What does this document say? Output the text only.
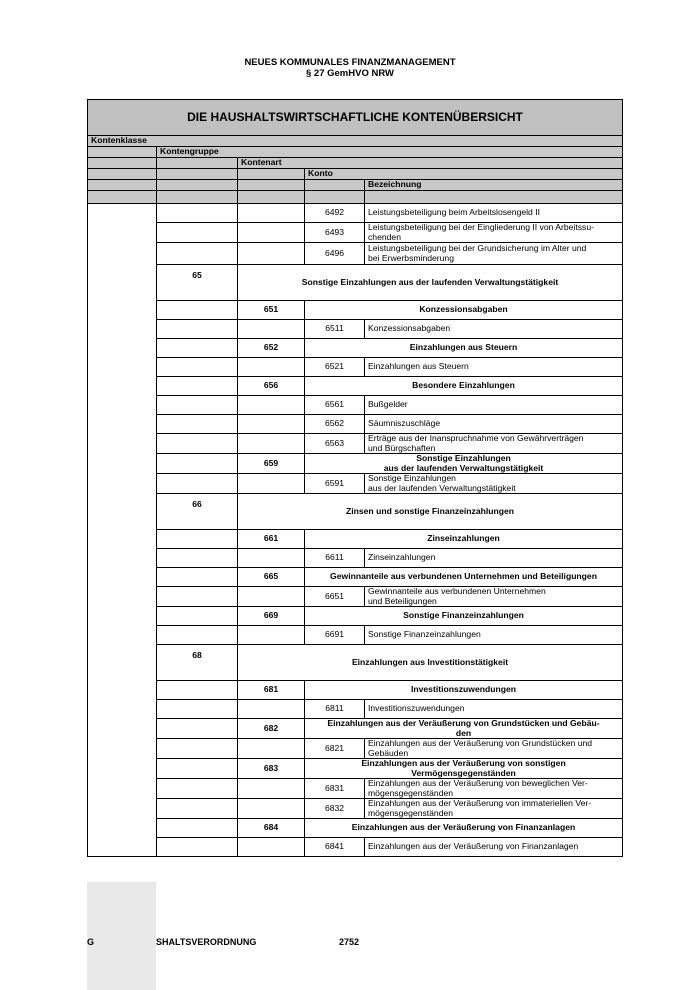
NEUES KOMMUNALES FINANZMANAGEMENT
§ 27 GemHVO NRW
DIE HAUSHALTSWIRTSCHAFTLICHE KONTENÜBERSICHT				
Kontenklasse				
	Kontengruppe			
		Kontenart		
			Konto	
				Bezeichnung

			6492	Leistungsbeteiligung beim Arbeitslosengeld II
			6493	Leistungsbeteiligung bei der Eingliederung II von Arbeitssu-
chenden
			6496	Leistungsbeteiligung bei der Grundsicherung im Alter und
bei Erwerbsminderung
	65	Sonstige Einzahlungen aus der laufenden Verwaltungstätigkeit		
		651	Konzessionsabgaben	
			6511	Konzessionsabgaben
		652	Einzahlungen aus Steuern	
			6521	Einzahlungen aus Steuern
		656	Besondere Einzahlungen	
			6561	Bußgelder
			6562	Säumniszuschläge
			6563	Erträge aus der Inanspruchnahme von Gewährverträgen
und Bürgschaften
		659	Sonstige Einzahlungen
aus der laufenden Verwaltungstätigkeit	
			6591	Sonstige Einzahlungen
aus der laufenden Verwaltungstätigkeit
	66	Zinsen und sonstige Finanzeinzahlungen		
		661	Zinseinzahlungen	
			6611	Zinseinzahlungen
		665	Gewinnanteile aus verbundenen Unternehmen und Beteiligungen	
			6651	Gewinnanteile aus verbundenen Unternehmen
und Beteiligungen
		669	Sonstige Finanzeinzahlungen	
			6691	Sonstige Finanzeinzahlungen
	68	Einzahlungen aus Investitionstätigkeit		
		681	Investitionszuwendungen	
			6811	Investitionszuwendungen
		682	Einzahlungen aus der Veräußerung von Grundstücken und Gebäu-
den	
			6821	Einzahlungen aus der Veräußerung von Grundstücken und
Gebäuden
		683	Einzahlungen aus der Veräußerung von sonstigen
Vermögensgegenständen	
			6831	Einzahlungen aus der Veräußerung von beweglichen Ver-
mögensgegenständen
			6832	Einzahlungen aus der Veräußerung von immateriellen Ver-
mögensgegenständen
		684	Einzahlungen aus der Veräußerung von Finanzanlagen	
			6841	Einzahlungen aus der Veräußerung von Finanzanlagen
G	SHALTSVERORDNUNG	2752
